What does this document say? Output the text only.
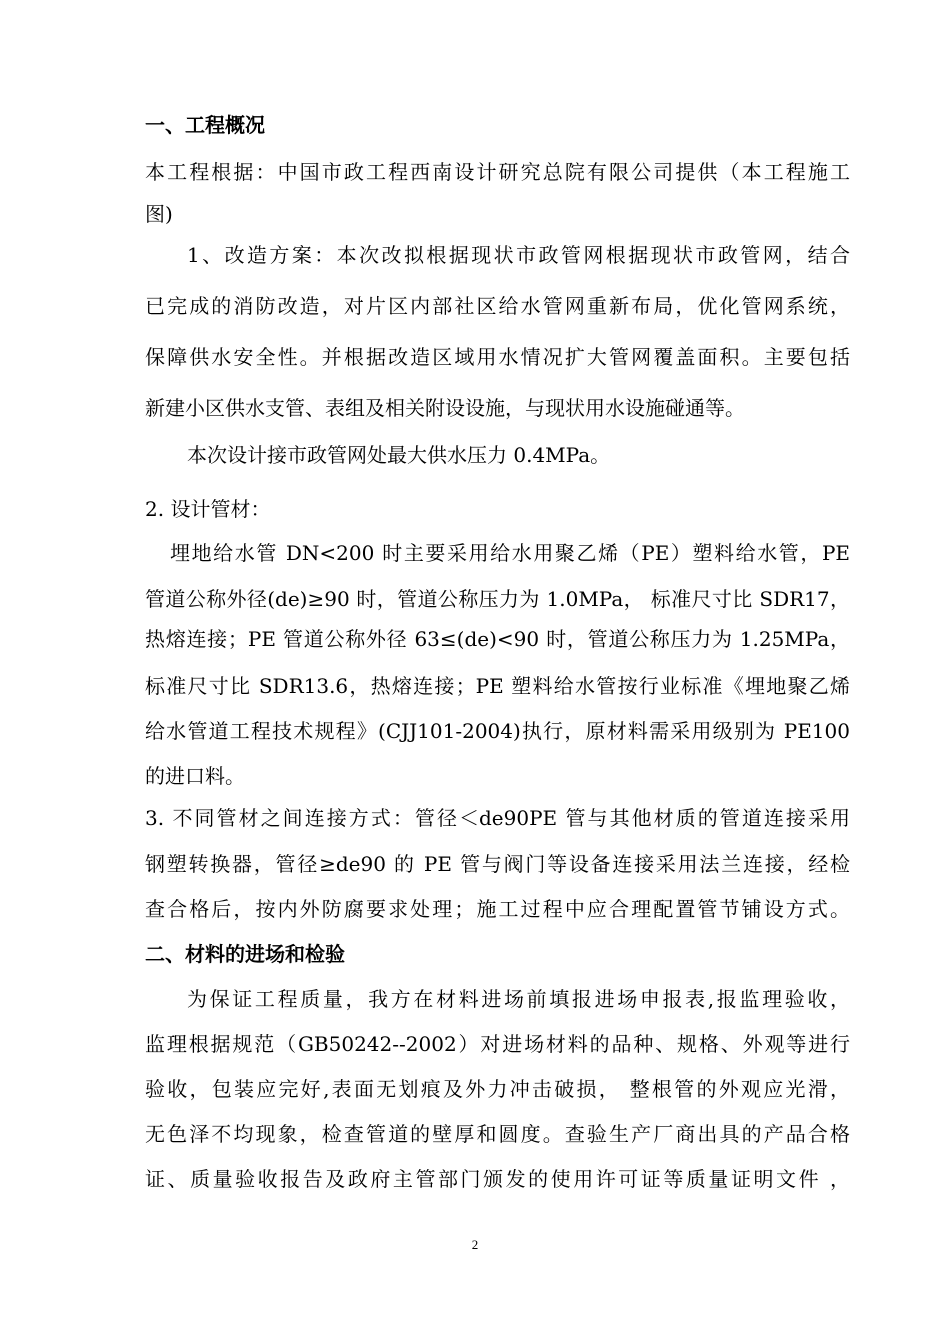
一、工程概况

本工程根据：中国市政工程西南设计研究总院有限公司提供（本工程施工

图)

1、改造方案：本次改拟根据现状市政管网根据现状市政管网，结合

已完成的消防改造，对片区内部社区给水管网重新布局，优化管网系统，

保障供水安全性。并根据改造区域用水情况扩大管网覆盖面积。主要包括

新建小区供水支管、表组及相关附设设施，与现状用水设施碰通等。

本次设计接市政管网处最大供水压力 0.4MPa。

2. 设计管材：

埋地给水管 DN<200 时主要采用给水用聚乙烯（PE）塑料给水管，PE

管道公称外径(de)≥90 时，管道公称压力为 1.0MPa， 标准尺寸比 SDR17，

热熔连接；PE 管道公称外径 63≤(de)<90 时，管道公称压力为 1.25MPa，

标准尺寸比 SDR13.6，热熔连接；PE 塑料给水管按行业标准《埋地聚乙烯

给水管道工程技术规程》(CJJ101-2004)执行，原材料需采用级别为 PE100

的进口料。

3. 不同管材之间连接方式：管径＜de90PE 管与其他材质的管道连接采用

钢塑转换器，管径≥de90 的 PE 管与阀门等设备连接采用法兰连接，经检

查合格后，按内外防腐要求处理；施工过程中应合理配置管节铺设方式。

二、材料的进场和检验

为保证工程质量，我方在材料进场前填报进场申报表,报监理验收，

监理根据规范（GB50242--2002）对进场材料的品种、规格、外观等进行

验收，包装应完好,表面无划痕及外力冲击破损， 整根管的外观应光滑，

无色泽不均现象，检查管道的壁厚和圆度。查验生产厂商出具的产品合格

证、质量验收报告及政府主管部门颁发的使用许可证等质量证明文件 ，

2
